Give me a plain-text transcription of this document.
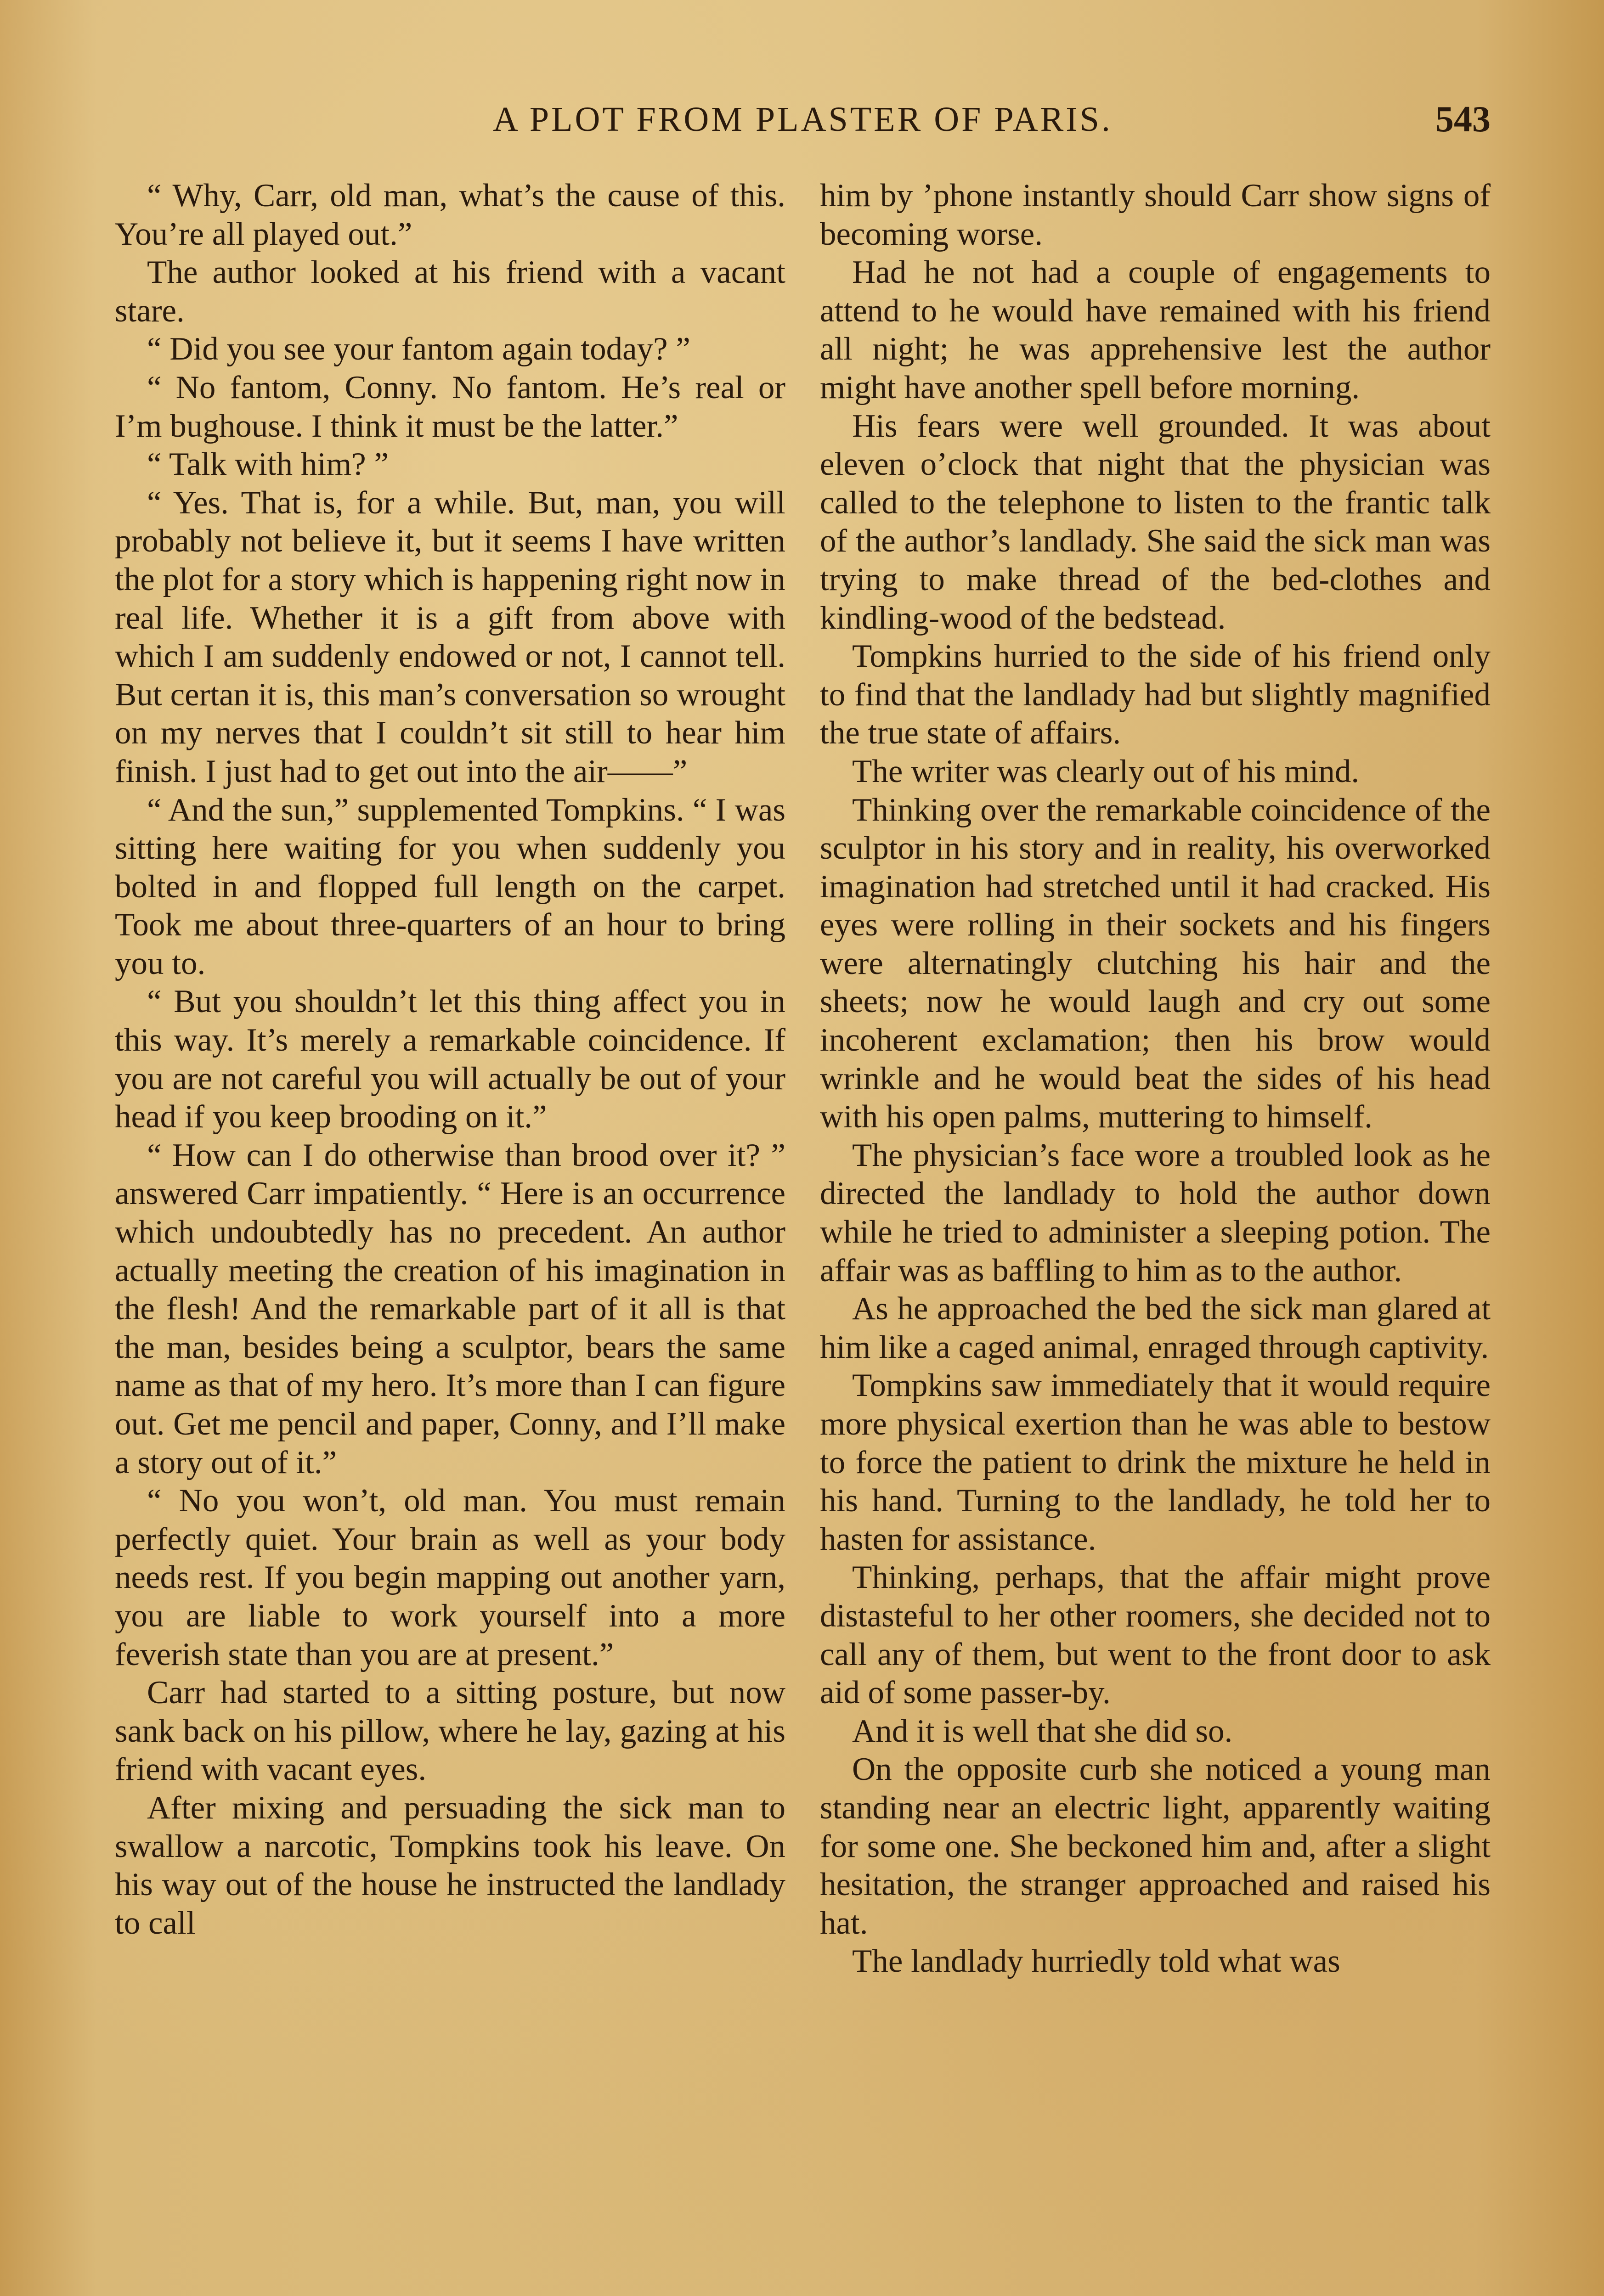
A PLOT FROM PLASTER OF PARIS.	543

“ Why, Carr, old man, what’s the cause of this. You’re all played out.”

The author looked at his friend with a vacant stare.

“ Did you see your fantom again today? ”

“ No fantom, Conny. No fantom. He’s real or I’m bughouse. I think it must be the latter.”

“ Talk with him? ”

“ Yes. That is, for a while. But, man, you will probably not believe it, but it seems I have written the plot for a story which is happening right now in real life. Whether it is a gift from above with which I am suddenly endowed or not, I cannot tell. But certan it is, this man’s conversation so wrought on my nerves that I couldn’t sit still to hear him finish. I just had to get out into the air——”

“ And the sun,” supplemented Tompkins. “ I was sitting here waiting for you when suddenly you bolted in and flopped full length on the carpet. Took me about three-quarters of an hour to bring you to.

“ But you shouldn’t let this thing affect you in this way. It’s merely a remarkable coincidence. If you are not careful you will actually be out of your head if you keep brooding on it.”

“ How can I do otherwise than brood over it? ” answered Carr impatiently. “ Here is an occurrence which undoubtedly has no precedent. An author actually meeting the creation of his imagination in the flesh! And the remarkable part of it all is that the man, besides being a sculptor, bears the same name as that of my hero. It’s more than I can figure out. Get me pencil and paper, Conny, and I’ll make a story out of it.”

“ No you won’t, old man. You must remain perfectly quiet. Your brain as well as your body needs rest. If you begin mapping out another yarn, you are liable to work yourself into a more feverish state than you are at present.”

Carr had started to a sitting posture, but now sank back on his pillow, where he lay, gazing at his friend with vacant eyes.

After mixing and persuading the sick man to swallow a narcotic, Tompkins took his leave. On his way out of the house he instructed the landlady to call

him by ’phone instantly should Carr show signs of becoming worse.

Had he not had a couple of engagements to attend to he would have remained with his friend all night; he was apprehensive lest the author might have another spell before morning.

His fears were well grounded. It was about eleven o’clock that night that the physician was called to the telephone to listen to the frantic talk of the author’s landlady. She said the sick man was trying to make thread of the bed-clothes and kindling-wood of the bedstead.

Tompkins hurried to the side of his friend only to find that the landlady had but slightly magnified the true state of affairs.

The writer was clearly out of his mind.

Thinking over the remarkable coincidence of the sculptor in his story and in reality, his overworked imagination had stretched until it had cracked. His eyes were rolling in their sockets and his fingers were alternatingly clutching his hair and the sheets; now he would laugh and cry out some incoherent exclamation; then his brow would wrinkle and he would beat the sides of his head with his open palms, muttering to himself.

The physician’s face wore a troubled look as he directed the landlady to hold the author down while he tried to administer a sleeping potion. The affair was as baffling to him as to the author.

As he approached the bed the sick man glared at him like a caged animal, enraged through captivity.

Tompkins saw immediately that it would require more physical exertion than he was able to bestow to force the patient to drink the mixture he held in his hand. Turning to the landlady, he told her to hasten for assistance.

Thinking, perhaps, that the affair might prove distasteful to her other roomers, she decided not to call any of them, but went to the front door to ask aid of some passer-by.

And it is well that she did so.

On the opposite curb she noticed a young man standing near an electric light, apparently waiting for some one. She beckoned him and, after a slight hesitation, the stranger approached and raised his hat.

The landlady hurriedly told what was
